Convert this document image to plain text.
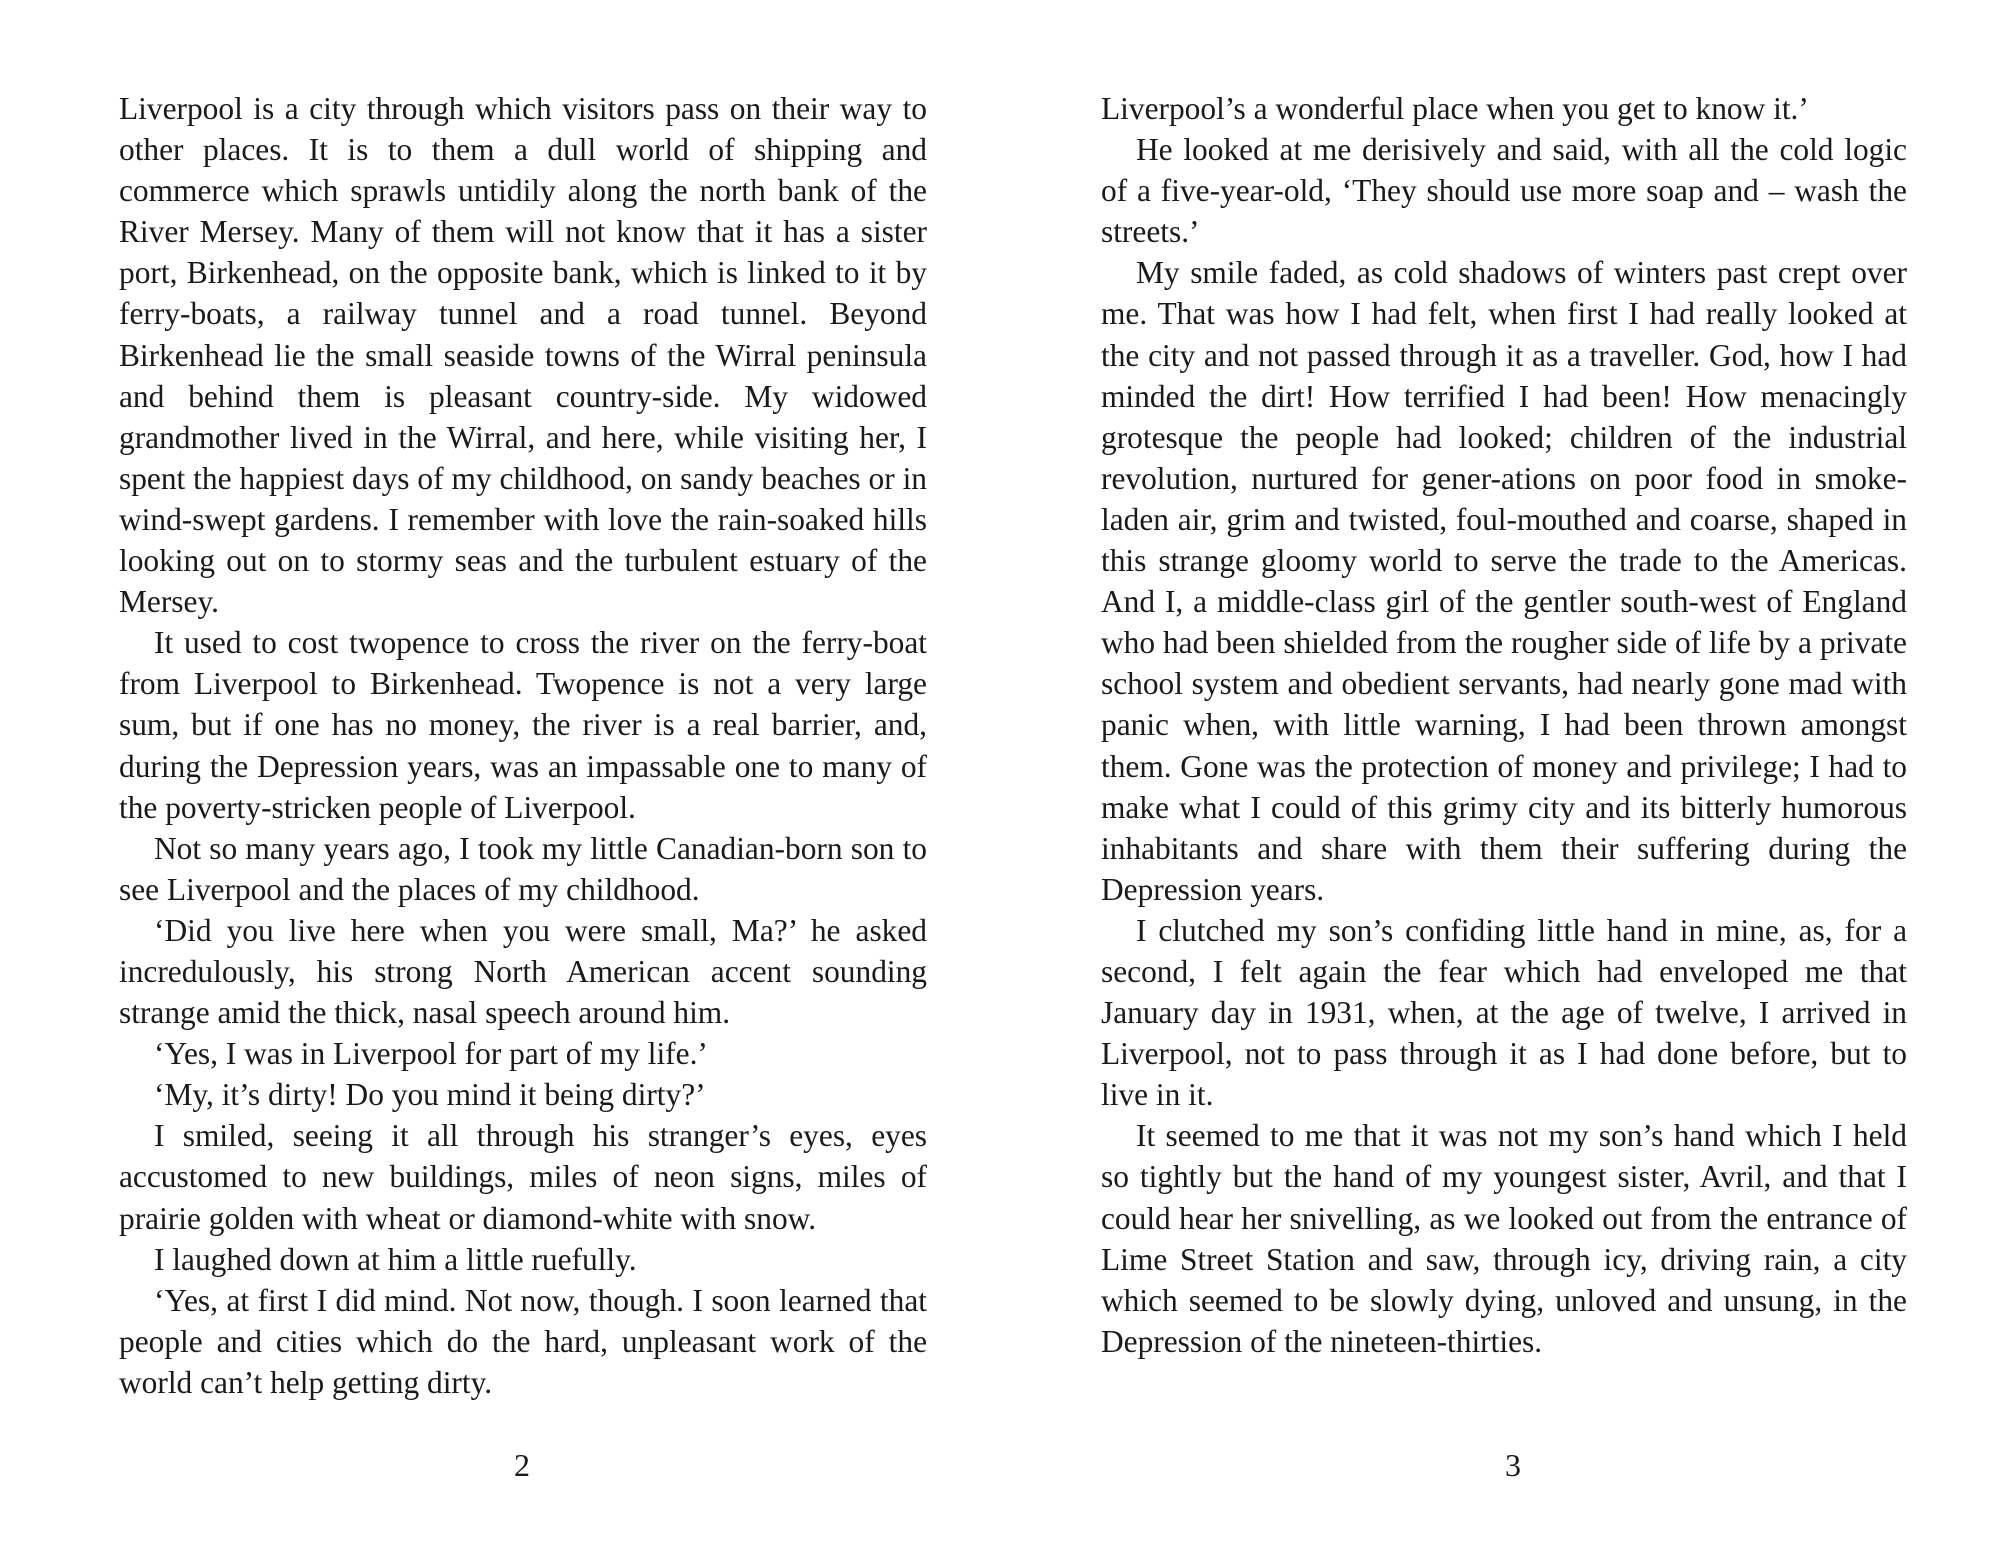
Liverpool is a city through which visitors pass on their way to other places. It is to them a dull world of shipping and commerce which sprawls untidily along the north bank of the River Mersey. Many of them will not know that it has a sister port, Birkenhead, on the opposite bank, which is linked to it by ferry-boats, a railway tunnel and a road tunnel. Beyond Birkenhead lie the small seaside towns of the Wirral peninsula and behind them is pleasant country-side. My widowed grandmother lived in the Wirral, and here, while visiting her, I spent the happiest days of my childhood, on sandy beaches or in wind-swept gardens. I remember with love the rain-soaked hills looking out on to stormy seas and the turbulent estuary of the Mersey.

It used to cost twopence to cross the river on the ferry-boat from Liverpool to Birkenhead. Twopence is not a very large sum, but if one has no money, the river is a real barrier, and, during the Depression years, was an impassable one to many of the poverty-stricken people of Liverpool.

Not so many years ago, I took my little Canadian-born son to see Liverpool and the places of my childhood.

‘Did you live here when you were small, Ma?’ he asked incredulously, his strong North American accent sounding strange amid the thick, nasal speech around him.

‘Yes, I was in Liverpool for part of my life.’

‘My, it’s dirty! Do you mind it being dirty?’

I smiled, seeing it all through his stranger’s eyes, eyes accustomed to new buildings, miles of neon signs, miles of prairie golden with wheat or diamond-white with snow.

I laughed down at him a little ruefully.

‘Yes, at first I did mind. Not now, though. I soon learned that people and cities which do the hard, unpleasant work of the world can’t help getting dirty.

2

Liverpool’s a wonderful place when you get to know it.’

He looked at me derisively and said, with all the cold logic of a five-year-old, ‘They should use more soap and – wash the streets.’

My smile faded, as cold shadows of winters past crept over me. That was how I had felt, when first I had really looked at the city and not passed through it as a traveller. God, how I had minded the dirt! How terrified I had been! How menacingly grotesque the people had looked; children of the industrial revolution, nurtured for gener-ations on poor food in smoke-laden air, grim and twisted, foul-mouthed and coarse, shaped in this strange gloomy world to serve the trade to the Americas. And I, a middle-class girl of the gentler south-west of England who had been shielded from the rougher side of life by a private school system and obedient servants, had nearly gone mad with panic when, with little warning, I had been thrown amongst them. Gone was the protection of money and privilege; I had to make what I could of this grimy city and its bitterly humorous inhabitants and share with them their suffering during the Depression years.

I clutched my son’s confiding little hand in mine, as, for a second, I felt again the fear which had enveloped me that January day in 1931, when, at the age of twelve, I arrived in Liverpool, not to pass through it as I had done before, but to live in it.

It seemed to me that it was not my son’s hand which I held so tightly but the hand of my youngest sister, Avril, and that I could hear her snivelling, as we looked out from the entrance of Lime Street Station and saw, through icy, driving rain, a city which seemed to be slowly dying, unloved and unsung, in the Depression of the nineteen-thirties.

3
